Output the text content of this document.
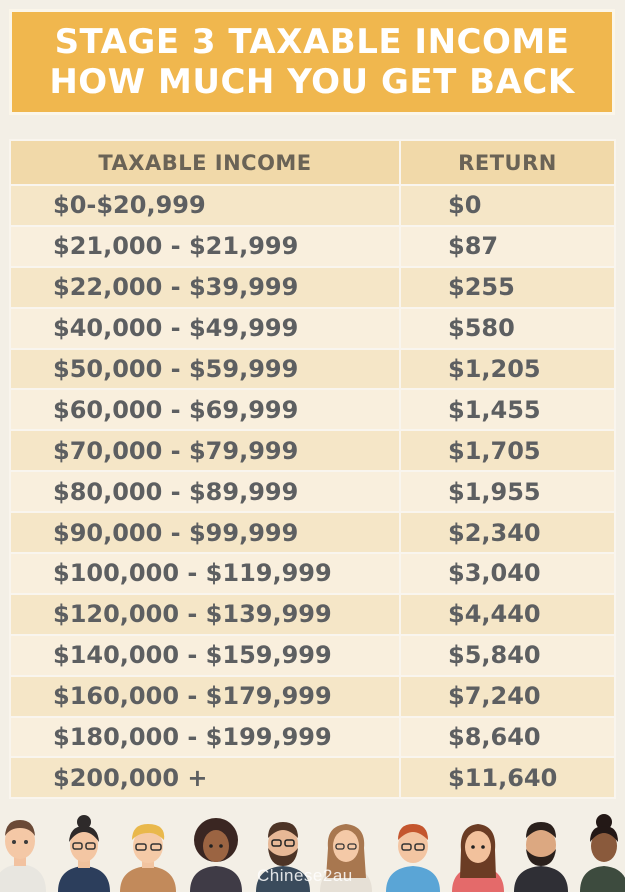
STAGE 3 TAXABLE INCOME
HOW MUCH YOU GET BACK
TAXABLE INCOME	RETURN
$0-$20,999	$0
$21,000 - $21,999	$87
$22,000 - $39,999	$255
$40,000 - $49,999	$580
$50,000 - $59,999	$1,205
$60,000 - $69,999	$1,455
$70,000 - $79,999	$1,705
$80,000 - $89,999	$1,955
$90,000 - $99,999	$2,340
$100,000 - $119,999	$3,040
$120,000 - $139,999	$4,440
$140,000 - $159,999	$5,840
$160,000 - $179,999	$7,240
$180,000 - $199,999	$8,640
$200,000 +	$11,640
Chinese2au
